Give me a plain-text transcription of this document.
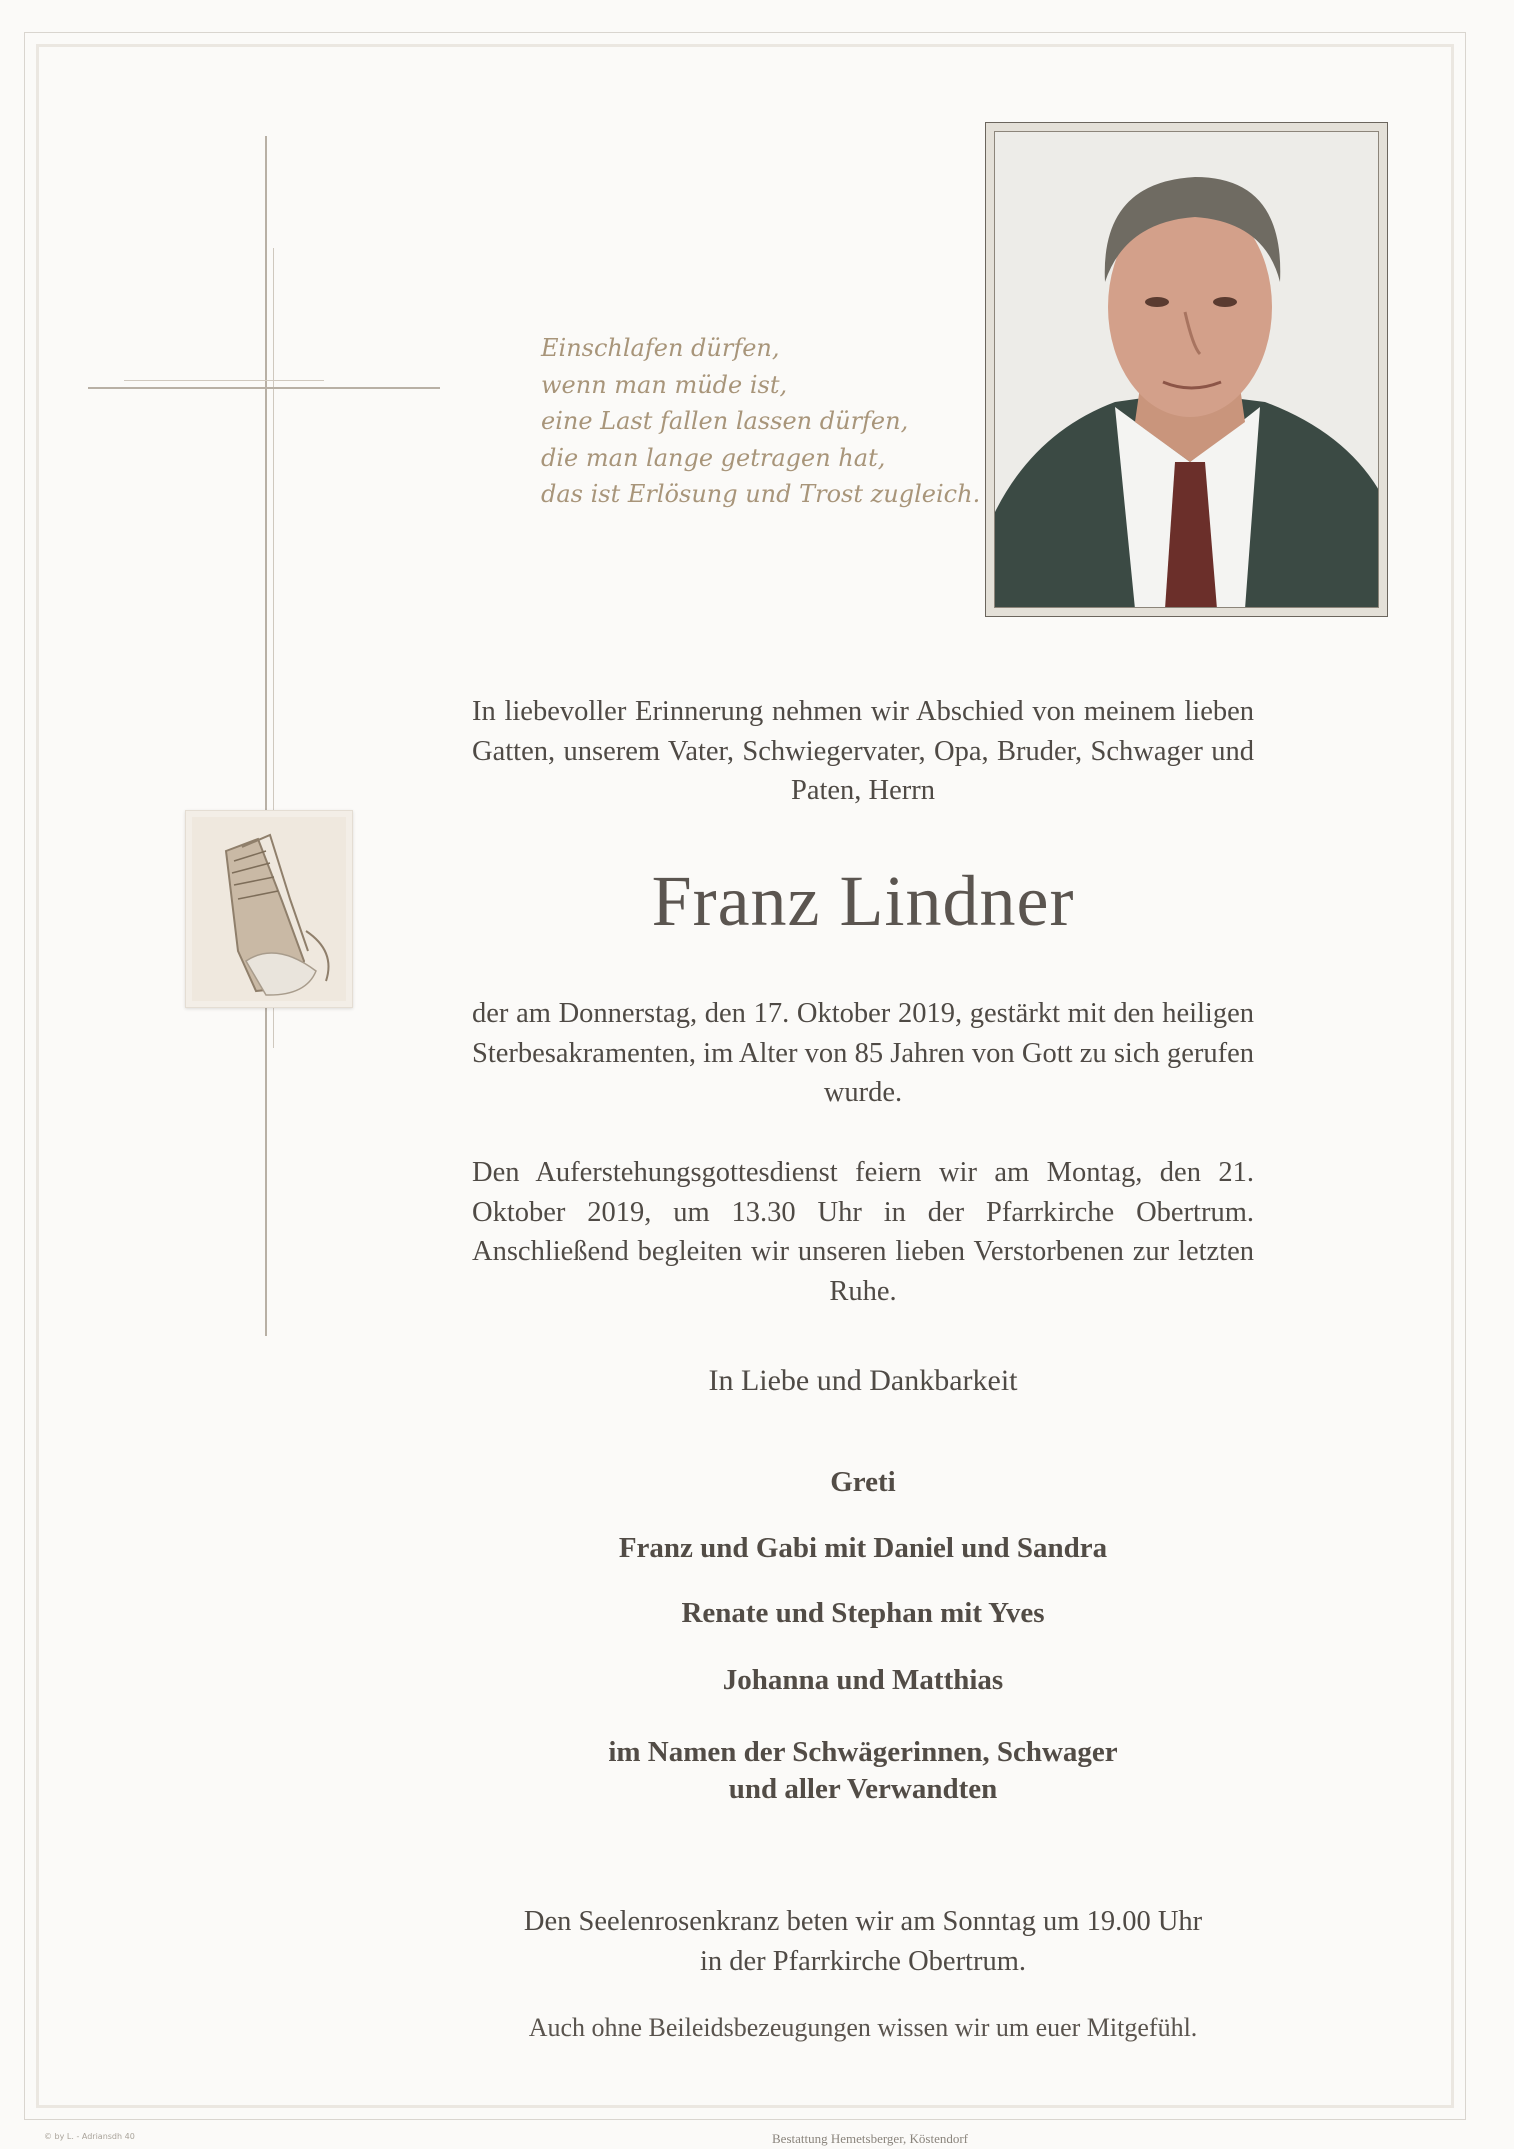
Einschlafen dürfen,
wenn man müde ist,
eine Last fallen lassen dürfen,
die man lange getragen hat,
das ist Erlösung und Trost zugleich.
In liebevoller Erinnerung nehmen wir Abschied von meinem lieben Gatten, unserem Vater, Schwiegervater, Opa, Bruder, Schwager und Paten, Herrn
Franz Lindner
der am Donnerstag, den 17. Oktober 2019, gestärkt mit den heiligen Sterbesakramenten, im Alter von 85 Jahren von Gott zu sich gerufen wurde.
Den Auferstehungsgottesdienst feiern wir am Montag, den 21. Oktober 2019, um 13.30 Uhr in der Pfarrkirche Obertrum. Anschließend begleiten wir unseren lieben Verstorbenen zur letzten Ruhe.
In Liebe und Dankbarkeit
Greti
Franz und Gabi mit Daniel und Sandra
Renate und Stephan mit Yves
Johanna und Matthias
im Namen der Schwägerinnen, Schwager
und aller Verwandten
Den Seelenrosenkranz beten wir am Sonntag um 19.00 Uhr
in der Pfarrkirche Obertrum.
Auch ohne Beileidsbezeugungen wissen wir um euer Mitgefühl.
© by L. - Adriansdh 40	Bestattung Hemetsberger, Köstendorf
